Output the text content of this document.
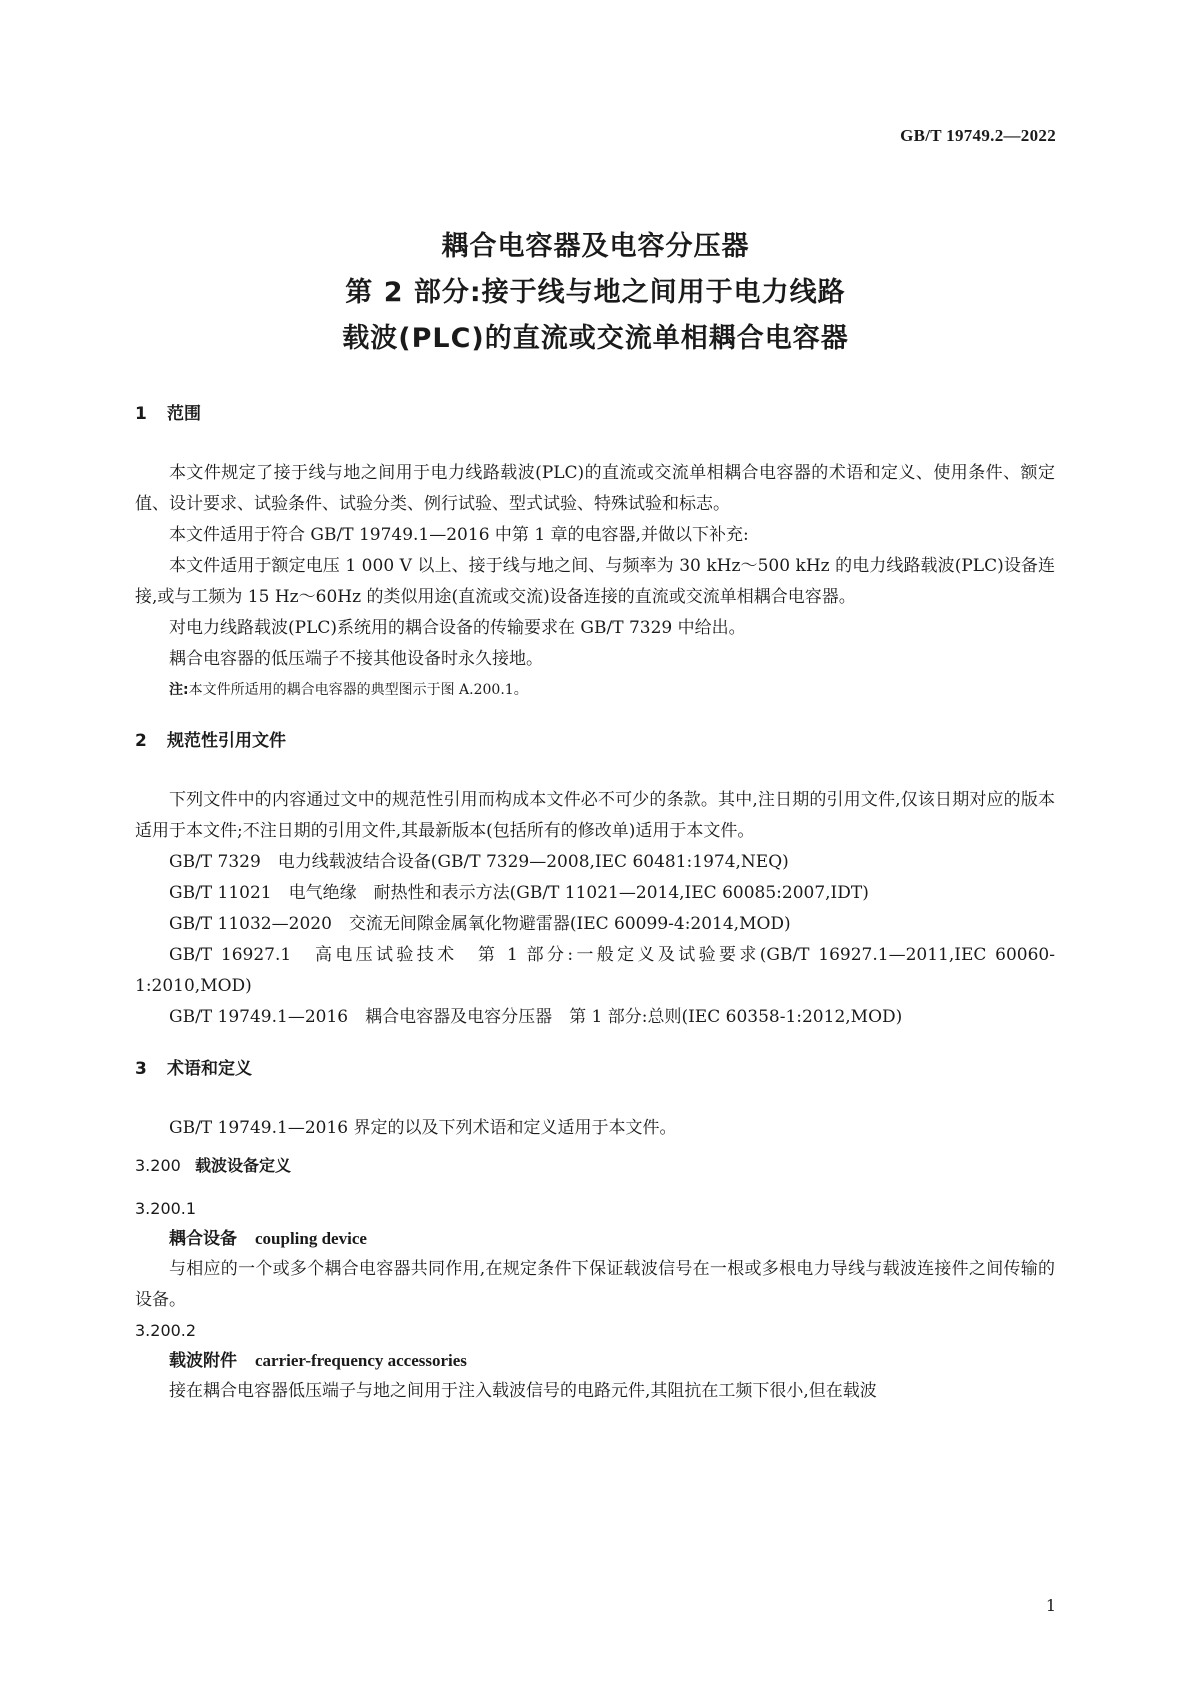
GB/T 19749.2—2022
耦合电容器及电容分压器
第 2 部分:接于线与地之间用于电力线路
载波(PLC)的直流或交流单相耦合电容器
1 范围

本文件规定了接于线与地之间用于电力线路载波(PLC)的直流或交流单相耦合电容器的术语和定义、使用条件、额定值、设计要求、试验条件、试验分类、例行试验、型式试验、特殊试验和标志。

本文件适用于符合 GB/T 19749.1—2016 中第 1 章的电容器,并做以下补充:

本文件适用于额定电压 1 000 V 以上、接于线与地之间、与频率为 30 kHz～500 kHz 的电力线路载波(PLC)设备连接,或与工频为 15 Hz～60Hz 的类似用途(直流或交流)设备连接的直流或交流单相耦合电容器。

对电力线路载波(PLC)系统用的耦合设备的传输要求在 GB/T 7329 中给出。

耦合电容器的低压端子不接其他设备时永久接地。

注:本文件所适用的耦合电容器的典型图示于图 A.200.1。

2 规范性引用文件

下列文件中的内容通过文中的规范性引用而构成本文件必不可少的条款。其中,注日期的引用文件,仅该日期对应的版本适用于本文件;不注日期的引用文件,其最新版本(包括所有的修改单)适用于本文件。

GB/T 7329　电力线载波结合设备(GB/T 7329—2008,IEC 60481:1974,NEQ)

GB/T 11021　电气绝缘　耐热性和表示方法(GB/T 11021—2014,IEC 60085:2007,IDT)

GB/T 11032—2020　交流无间隙金属氧化物避雷器(IEC 60099-4:2014,MOD)

GB/T 16927.1　高电压试验技术　第 1 部分:一般定义及试验要求(GB/T 16927.1—2011,IEC 60060-1:2010,MOD)

GB/T 19749.1—2016　耦合电容器及电容分压器　第 1 部分:总则(IEC 60358-1:2012,MOD)

3 术语和定义

GB/T 19749.1—2016 界定的以及下列术语和定义适用于本文件。

3.200 载波设备定义

3.200.1

耦合设备 coupling device

与相应的一个或多个耦合电容器共同作用,在规定条件下保证载波信号在一根或多根电力导线与载波连接件之间传输的设备。

3.200.2

载波附件 carrier-frequency accessories

接在耦合电容器低压端子与地之间用于注入载波信号的电路元件,其阻抗在工频下很小,但在载波

1
